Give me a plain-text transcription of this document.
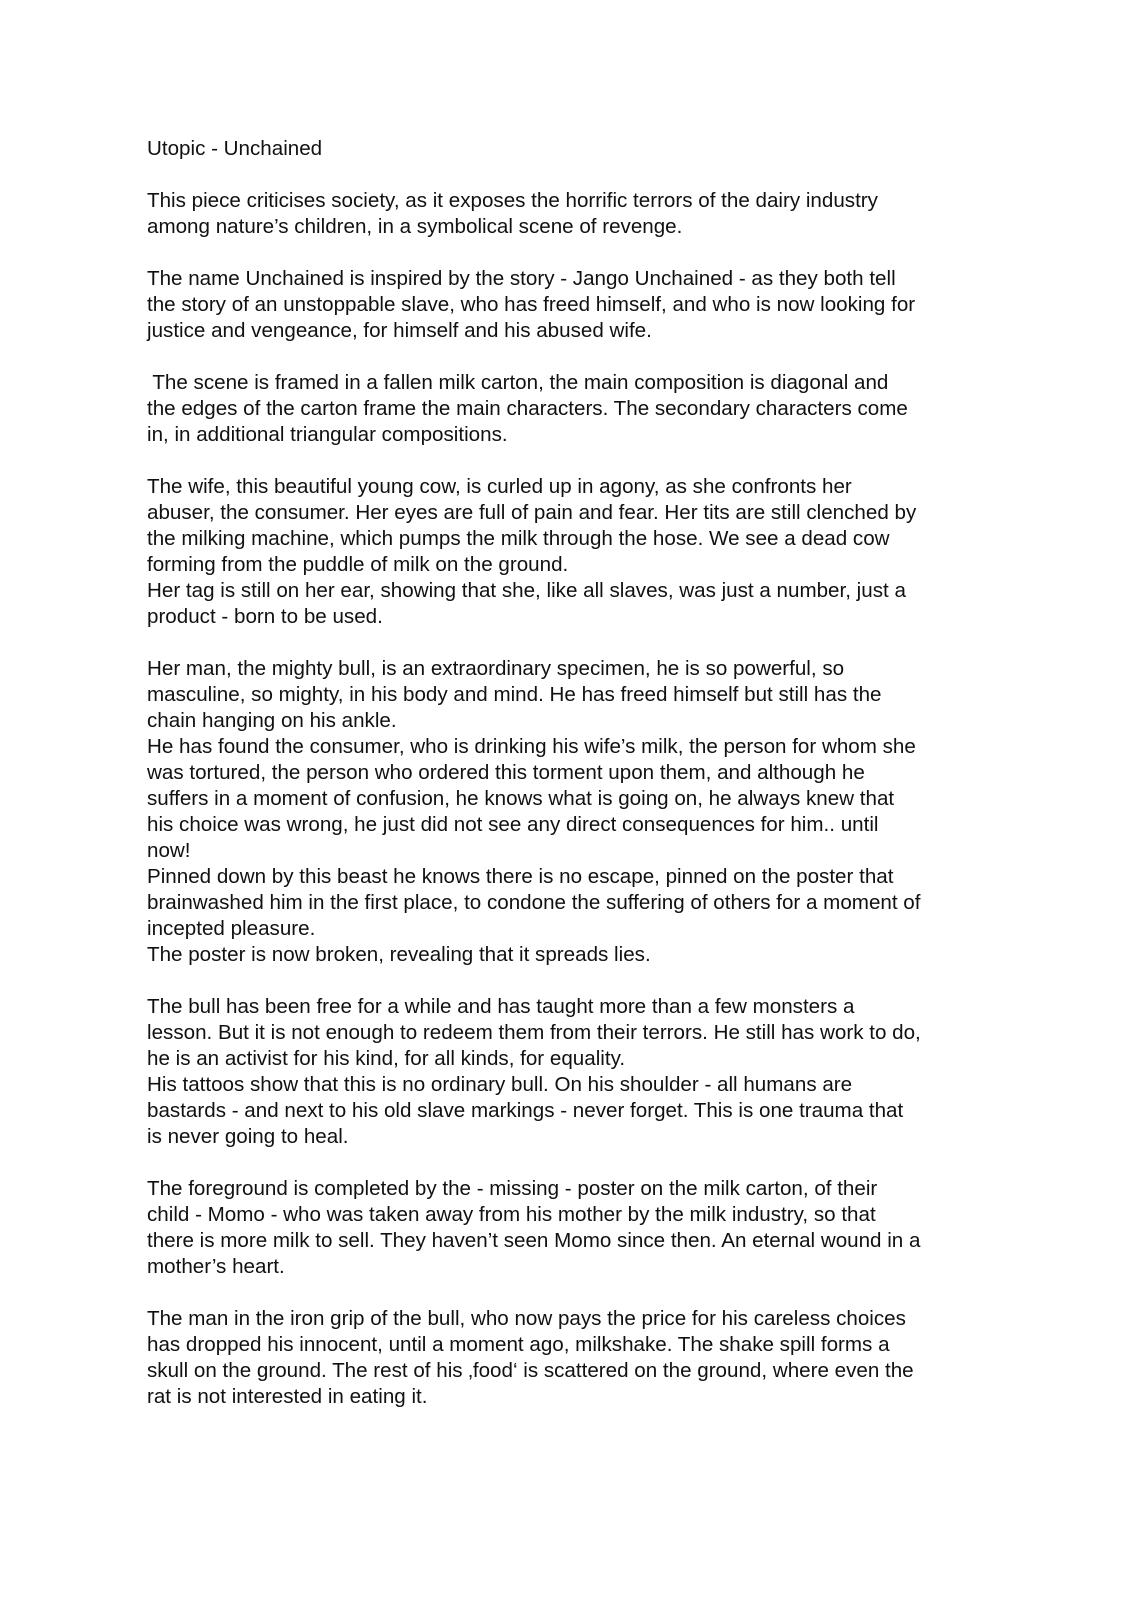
Utopic - Unchained
This piece criticises society, as it exposes the horrific terrors of the dairy industry
among nature’s children, in a symbolical scene of revenge.
The name Unchained is inspired by the story - Jango Unchained - as they both tell
the story of an unstoppable slave, who has freed himself, and who is now looking for
justice and vengeance, for himself and his abused wife.
The scene is framed in a fallen milk carton, the main composition is diagonal and
the edges of the carton frame the main characters. The secondary characters come
in, in additional triangular compositions.
The wife, this beautiful young cow, is curled up in agony, as she confronts her
abuser, the consumer. Her eyes are full of pain and fear. Her tits are still clenched by
the milking machine, which pumps the milk through the hose. We see a dead cow
forming from the puddle of milk on the ground.
Her tag is still on her ear, showing that she, like all slaves, was just a number, just a
product - born to be used.
Her man, the mighty bull, is an extraordinary specimen, he is so powerful, so
masculine, so mighty, in his body and mind. He has freed himself but still has the
chain hanging on his ankle.
He has found the consumer, who is drinking his wife’s milk, the person for whom she
was tortured, the person who ordered this torment upon them, and although he
suffers in a moment of confusion, he knows what is going on, he always knew that
his choice was wrong, he just did not see any direct consequences for him.. until
now!
Pinned down by this beast he knows there is no escape, pinned on the poster that
brainwashed him in the first place, to condone the suffering of others for a moment of
incepted pleasure.
The poster is now broken, revealing that it spreads lies.
The bull has been free for a while and has taught more than a few monsters a
lesson. But it is not enough to redeem them from their terrors. He still has work to do,
he is an activist for his kind, for all kinds, for equality.
His tattoos show that this is no ordinary bull. On his shoulder - all humans are
bastards - and next to his old slave markings - never forget. This is one trauma that
is never going to heal.
The foreground is completed by the - missing - poster on the milk carton, of their
child - Momo - who was taken away from his mother by the milk industry, so that
there is more milk to sell. They haven’t seen Momo since then. An eternal wound in a
mother’s heart.
The man in the iron grip of the bull, who now pays the price for his careless choices
has dropped his innocent, until a moment ago, milkshake. The shake spill forms a
skull on the ground. The rest of his ‚food‘ is scattered on the ground, where even the
rat is not interested in eating it.
